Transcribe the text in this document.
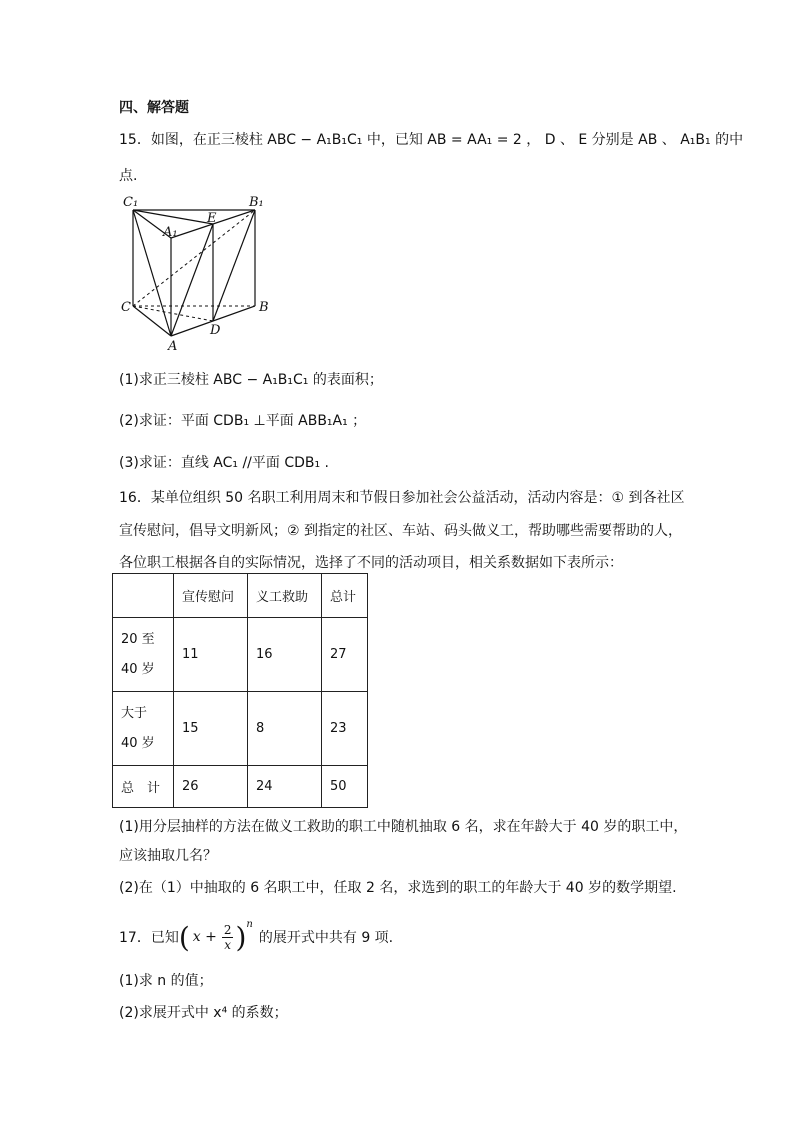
四、解答题
15．如图，在正三棱柱 ABC − A₁B₁C₁ 中，已知 AB = AA₁ = 2 ， D 、 E 分别是 AB 、 A₁B₁ 的中
点.
C₁	B₁
E
A₁
C	B
D
A
(1)求正三棱柱 ABC − A₁B₁C₁ 的表面积；
(2)求证：平面 CDB₁ ⊥平面 ABB₁A₁ ；
(3)求证：直线 AC₁ //平面 CDB₁ .
16．某单位组织 50 名职工利用周末和节假日参加社会公益活动，活动内容是：① 到各社区
宣传慰问，倡导文明新风；② 到指定的社区、车站、码头做义工，帮助哪些需要帮助的人，
各位职工根据各自的实际情况，选择了不同的活动项目，相关系数据如下表所示：
	宣传慰问	义工救助	总计

20 至
40 岁	11	16	27

大于
40 岁	15	8	23
总　计	26	24	50
(1)用分层抽样的方法在做义工救助的职工中随机抽取 6 名，求在年龄大于 40 岁的职工中，
应该抽取几名？
(2)在（1）中抽取的 6 名职工中，任取 2 名，求选到的职工的年龄大于 40 岁的数学期望.
17．已知 ( $x + \frac{2}{x}$ ) n
的展开式中共有 9 项.
(1)求 n 的值；
(2)求展开式中 x⁴ 的系数；
